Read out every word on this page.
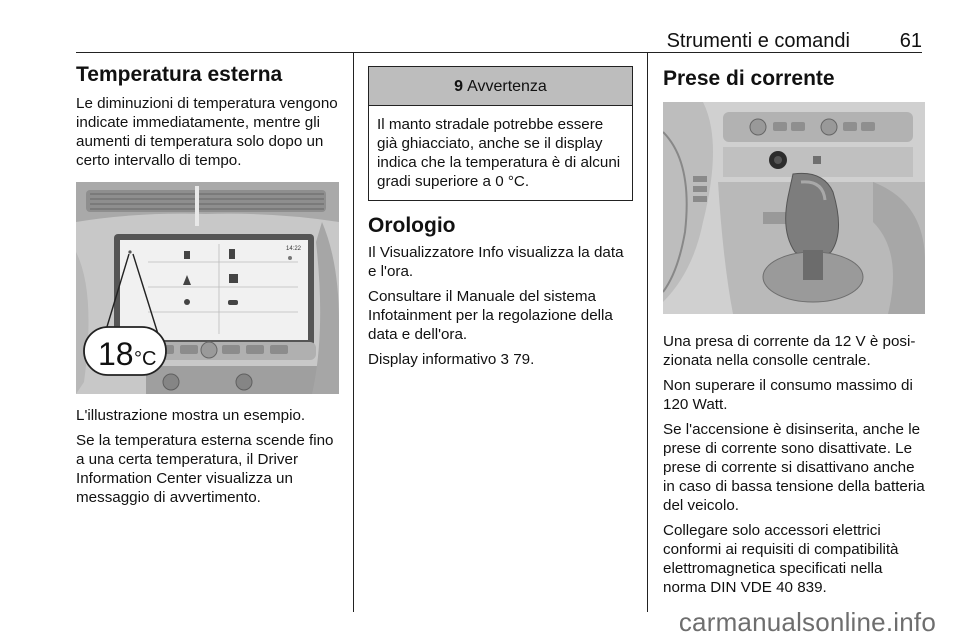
Strumenti e comandi 61
Temperatura esterna

Le diminuzioni di temperatura vengono indicate immediatamente, mentre gli aumenti di temperatura solo dopo un certo intervallo di tempo.

14:22
18 °C

L'illustrazione mostra un esempio.

Se la temperatura esterna scende fino a una certa temperatura, il Driver Information Center visualizza un messaggio di avvertimento.

9 Avvertenza
Il manto stradale potrebbe essere già ghiacciato, anche se il display indica che la temperatura è di alcuni gradi superiore a 0 °C.
Orologio

Il Visualizzatore Info visualizza la data e l'ora.

Consultare il Manuale del sistema Infotainment per la regolazione della data e dell'ora.

Display informativo 3 79.

Prese di corrente

Una presa di corrente da 12 V è posi- zionata nella consolle centrale.

Non superare il consumo massimo di 120 Watt.

Se l'accensione è disinserita, anche le prese di corrente sono disattivate. Le prese di corrente si disattivano anche in caso di bassa tensione della batteria del veicolo.

Collegare solo accessori elettrici conformi ai requisiti di compatibilità elettromagnetica specificati nella norma DIN VDE 40 839.

carmanualsonline.info
